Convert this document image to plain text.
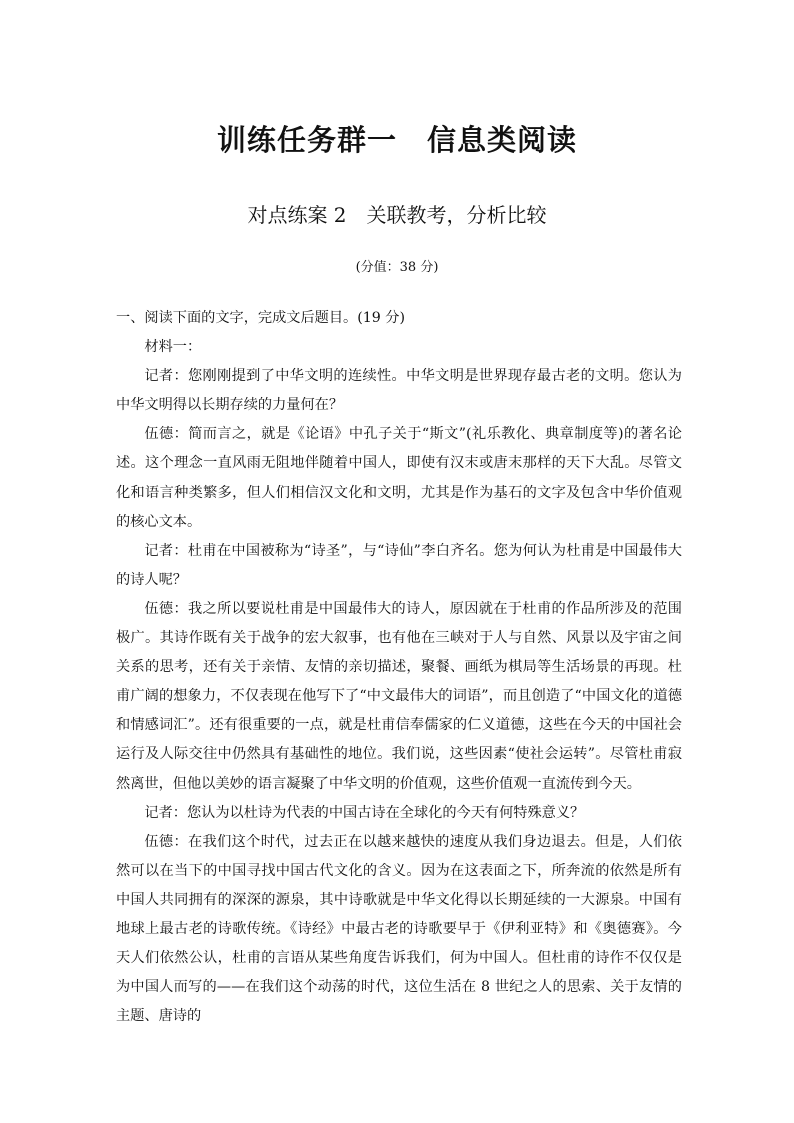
训练任务群一　信息类阅读
对点练案 2　关联教考，分析比较
(分值：38 分)

一、阅读下面的文字，完成文后题目。(19 分)

材料一：

记者：您刚刚提到了中华文明的连续性。中华文明是世界现存最古老的文明。您认为中华文明得以长期存续的力量何在？

伍德：简而言之，就是《论语》中孔子关于“斯文”(礼乐教化、典章制度等)的著名论述。这个理念一直风雨无阻地伴随着中国人，即使有汉末或唐末那样的天下大乱。尽管文化和语言种类繁多，但人们相信汉文化和文明，尤其是作为基石的文字及包含中华价值观的核心文本。

记者：杜甫在中国被称为“诗圣”，与“诗仙”李白齐名。您为何认为杜甫是中国最伟大的诗人呢？

伍德：我之所以要说杜甫是中国最伟大的诗人，原因就在于杜甫的作品所涉及的范围极广。其诗作既有关于战争的宏大叙事，也有他在三峡对于人与自然、风景以及宇宙之间关系的思考，还有关于亲情、友情的亲切描述，聚餐、画纸为棋局等生活场景的再现。杜甫广阔的想象力，不仅表现在他写下了“中文最伟大的词语”，而且创造了“中国文化的道德和情感词汇”。还有很重要的一点，就是杜甫信奉儒家的仁义道德，这些在今天的中国社会运行及人际交往中仍然具有基础性的地位。我们说，这些因素“使社会运转”。尽管杜甫寂然离世，但他以美妙的语言凝聚了中华文明的价值观，这些价值观一直流传到今天。

记者：您认为以杜诗为代表的中国古诗在全球化的今天有何特殊意义？

伍德：在我们这个时代，过去正在以越来越快的速度从我们身边退去。但是，人们依然可以在当下的中国寻找中国古代文化的含义。因为在这表面之下，所奔流的依然是所有中国人共同拥有的深深的源泉，其中诗歌就是中华文化得以长期延续的一大源泉。中国有地球上最古老的诗歌传统。《诗经》中最古老的诗歌要早于《伊利亚特》和《奥德赛》。今天人们依然公认，杜甫的言语从某些角度告诉我们，何为中国人。但杜甫的诗作不仅仅是为中国人而写的——在我们这个动荡的时代，这位生活在 8 世纪之人的思索、关于友情的主题、唐诗的
